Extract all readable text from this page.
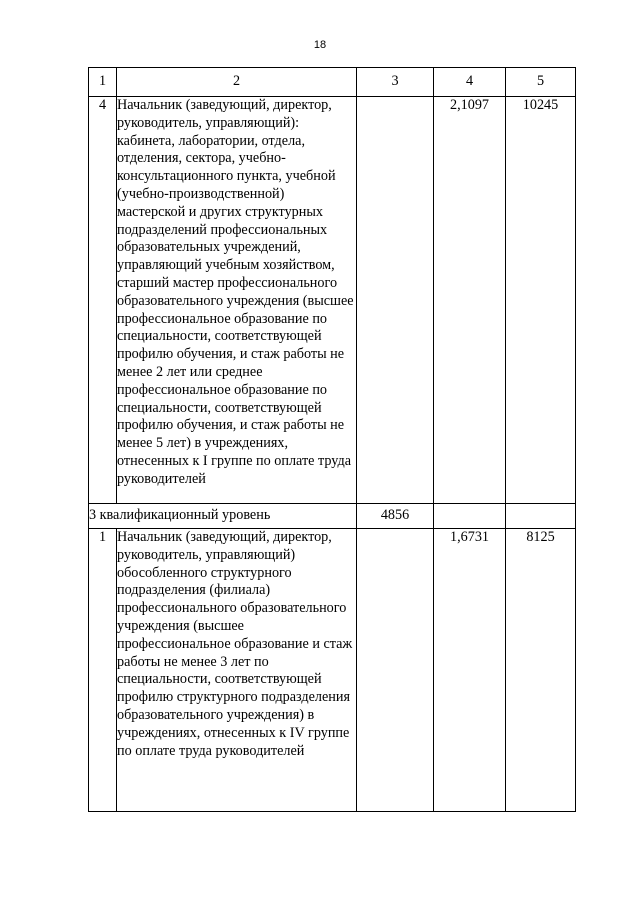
18
1	2	3	4	5
4	Начальник (заведующий, директор, руководитель, управляющий): кабинета, лаборатории, отдела, отделения, сектора, учебно-консультационного пункта, учебной (учебно-производственной) мастерской и других структурных подразделений профессиональных образовательных учреждений, управляющий учебным хозяйством, старший мастер профессионального образовательного учреждения (высшее профессиональное образование по специальности, соответствующей профилю обучения, и стаж работы не менее 2 лет или среднее профессиональное образование по специальности, соответствующей профилю обучения, и стаж работы не менее 5 лет) в учреждениях, отнесенных к I группе по оплате труда руководителей		2,1097	10245
3 квалификационный уровень		4856		
1	Начальник (заведующий, директор, руководитель, управляющий) обособленного структурного подразделения (филиала) профессионального образовательного учреждения (высшее профессиональное образование и стаж работы не менее 3 лет по специальности, соответствующей профилю структурного подразделения образовательного учреждения) в учреждениях, отнесенных к IV группе по оплате труда руководителей		1,6731	8125
